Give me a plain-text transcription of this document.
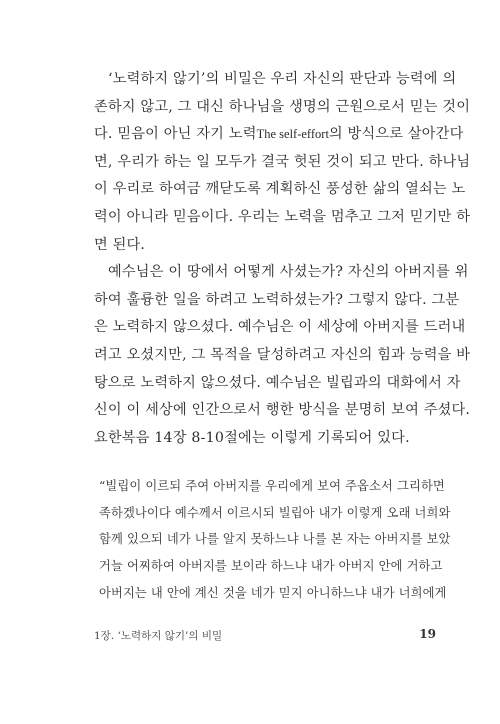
‘노력하지 않기’의 비밀은 우리 자신의 판단과 능력에 의
존하지 않고, 그 대신 하나님을 생명의 근원으로서 믿는 것이
다. 믿음이 아닌 자기 노력The self-effort의 방식으로 살아간다
면, 우리가 하는 일 모두가 결국 헛된 것이 되고 만다. 하나님
이 우리로 하여금 깨닫도록 계획하신 풍성한 삶의 열쇠는 노
력이 아니라 믿음이다. 우리는 노력을 멈추고 그저 믿기만 하
면 된다.
예수님은 이 땅에서 어떻게 사셨는가? 자신의 아버지를 위
하여 훌륭한 일을 하려고 노력하셨는가? 그렇지 않다. 그분
은 노력하지 않으셨다. 예수님은 이 세상에 아버지를 드러내
려고 오셨지만, 그 목적을 달성하려고 자신의 힘과 능력을 바
탕으로 노력하지 않으셨다. 예수님은 빌립과의 대화에서 자
신이 이 세상에 인간으로서 행한 방식을 분명히 보여 주셨다.
요한복음 14장 8-10절에는 이렇게 기록되어 있다.
“빌립이 이르되 주여 아버지를 우리에게 보여 주옵소서 그리하면
족하겠나이다 예수께서 이르시되 빌립아 내가 이렇게 오래 너희와
함께 있으되 네가 나를 알지 못하느냐 나를 본 자는 아버지를 보았
거늘 어찌하여 아버지를 보이라 하느냐 내가 아버지 안에 거하고
아버지는 내 안에 계신 것을 네가 믿지 아니하느냐 내가 너희에게
1장. ‘노력하지 않기’의 비밀	19
